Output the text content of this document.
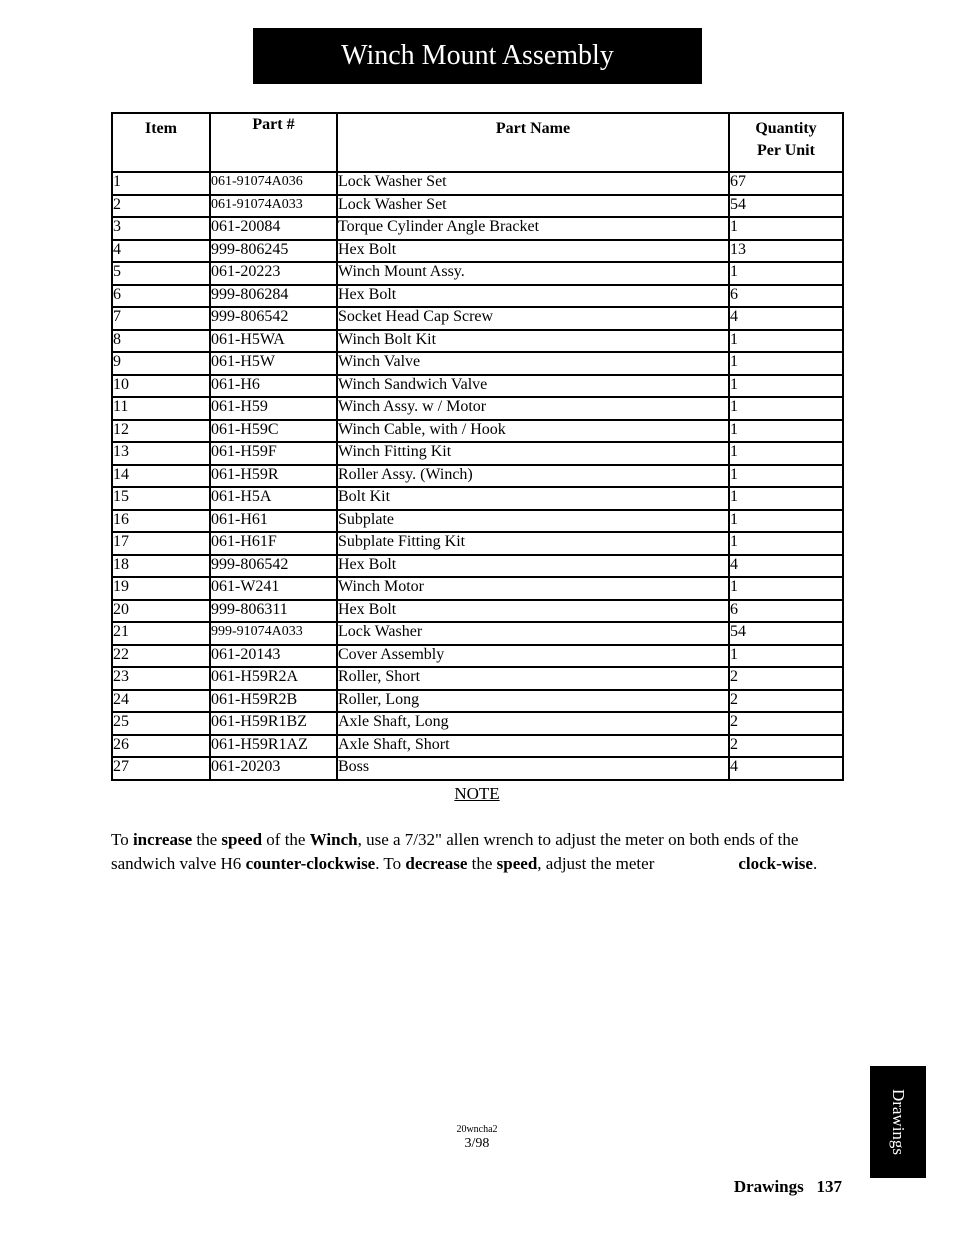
Winch Mount Assembly
Item	Part #	Part Name	Quantity
Per Unit
1	061-91074A036	Lock Washer Set	67
2	061-91074A033	Lock Washer Set	54
3	061-20084	Torque Cylinder Angle Bracket	1
4	999-806245	Hex Bolt	13
5	061-20223	Winch Mount Assy.	1
6	999-806284	Hex Bolt	6
7	999-806542	Socket Head Cap Screw	4
8	061-H5WA	Winch Bolt Kit	1
9	061-H5W	Winch Valve	1
10	061-H6	Winch Sandwich Valve	1
11	061-H59	Winch Assy. w / Motor	1
12	061-H59C	Winch Cable, with / Hook	1
13	061-H59F	Winch Fitting Kit	1
14	061-H59R	Roller Assy. (Winch)	1
15	061-H5A	Bolt Kit	1
16	061-H61	Subplate	1
17	061-H61F	Subplate Fitting Kit	1
18	999-806542	Hex Bolt	4
19	061-W241	Winch Motor	1
20	999-806311	Hex Bolt	6
21	999-91074A033	Lock Washer	54
22	061-20143	Cover Assembly	1
23	061-H59R2A	Roller, Short	2
24	061-H59R2B	Roller, Long	2
25	061-H59R1BZ	Axle Shaft, Long	2
26	061-H59R1AZ	Axle Shaft, Short	2
27	061-20203	Boss	4
NOTE
To increase the speed of the Winch, use a 7/32" allen wrench to adjust the meter on both ends of the sandwich valve H6 counter-clockwise. To decrease the speed, adjust the meter	clock-wise.
20wncha2
3/98	Drawings
Drawings 137
